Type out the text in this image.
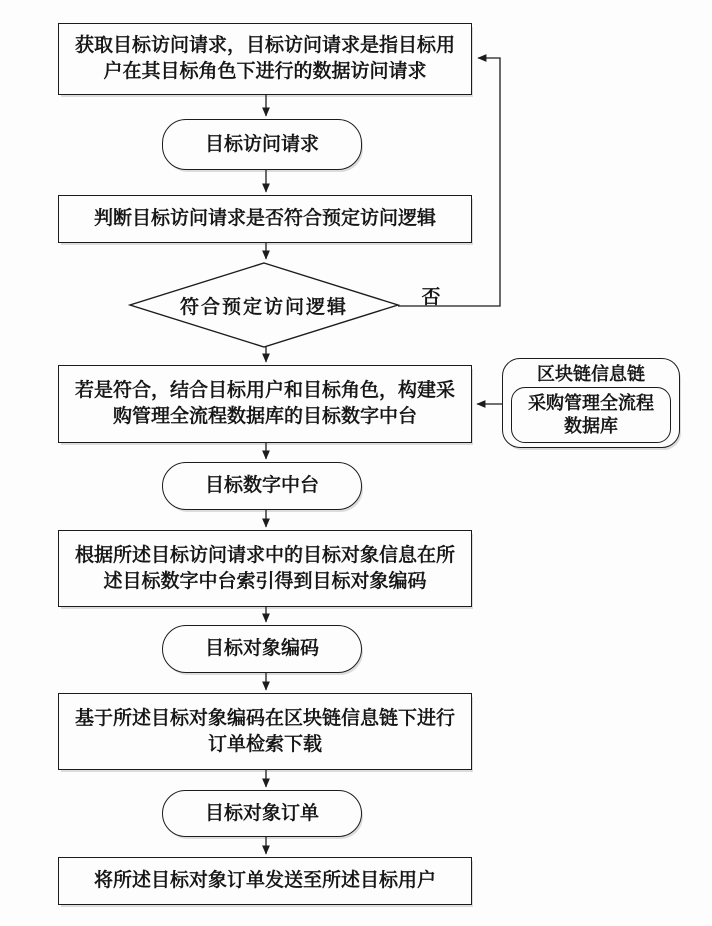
获取目标访问请求，目标访问请求是指目标用户在其目标角色下进行的数据访问请求
目标访问请求
判断目标访问请求是否符合预定访问逻辑
符合预定访问逻辑	否
若是符合，结合目标用户和目标角色，构建采购管理全流程数据库的目标数字中台
区块链信息链
采购管理全流程数据库
目标数字中台
根据所述目标访问请求中的目标对象信息在所述目标数字中台索引得到目标对象编码
目标对象编码
基于所述目标对象编码在区块链信息链下进行订单检索下载
目标对象订单
将所述目标对象订单发送至所述目标用户
